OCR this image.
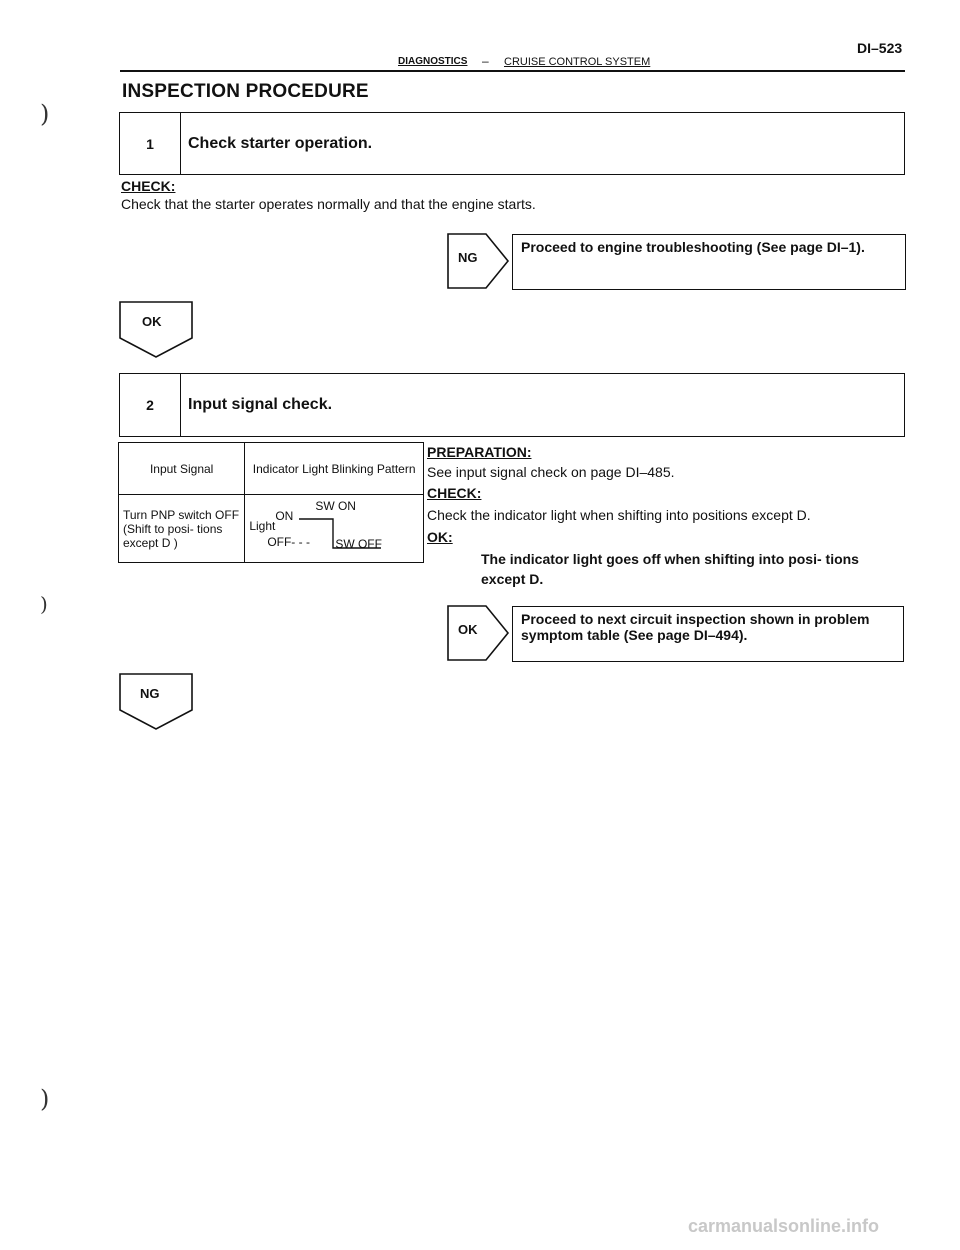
DIAGNOSTICS – CRUISE CONTROL SYSTEM
DI–523
INSPECTION PROCEDURE
)
)
)
1	Check starter operation.
CHECK:
Check that the starter operates normally and that the engine starts.
NG
Proceed to engine troubleshooting (See page DI–1).
OK
2	Input signal check.
Input Signal	Indicator Light Blinking Pattern
Turn PNP switch OFF (Shift to posi- tions except D )	Light
ON
OFF- - -
SW ON
SW OFF
PREPARATION:
See input signal check on page DI–485.
CHECK:
Check the indicator light when shifting into positions except D.
OK:
The indicator light goes off when shifting into posi- tions except D.
OK
Proceed to next circuit inspection shown in problem symptom table (See page DI–494).
NG
carmanualsonline.info
